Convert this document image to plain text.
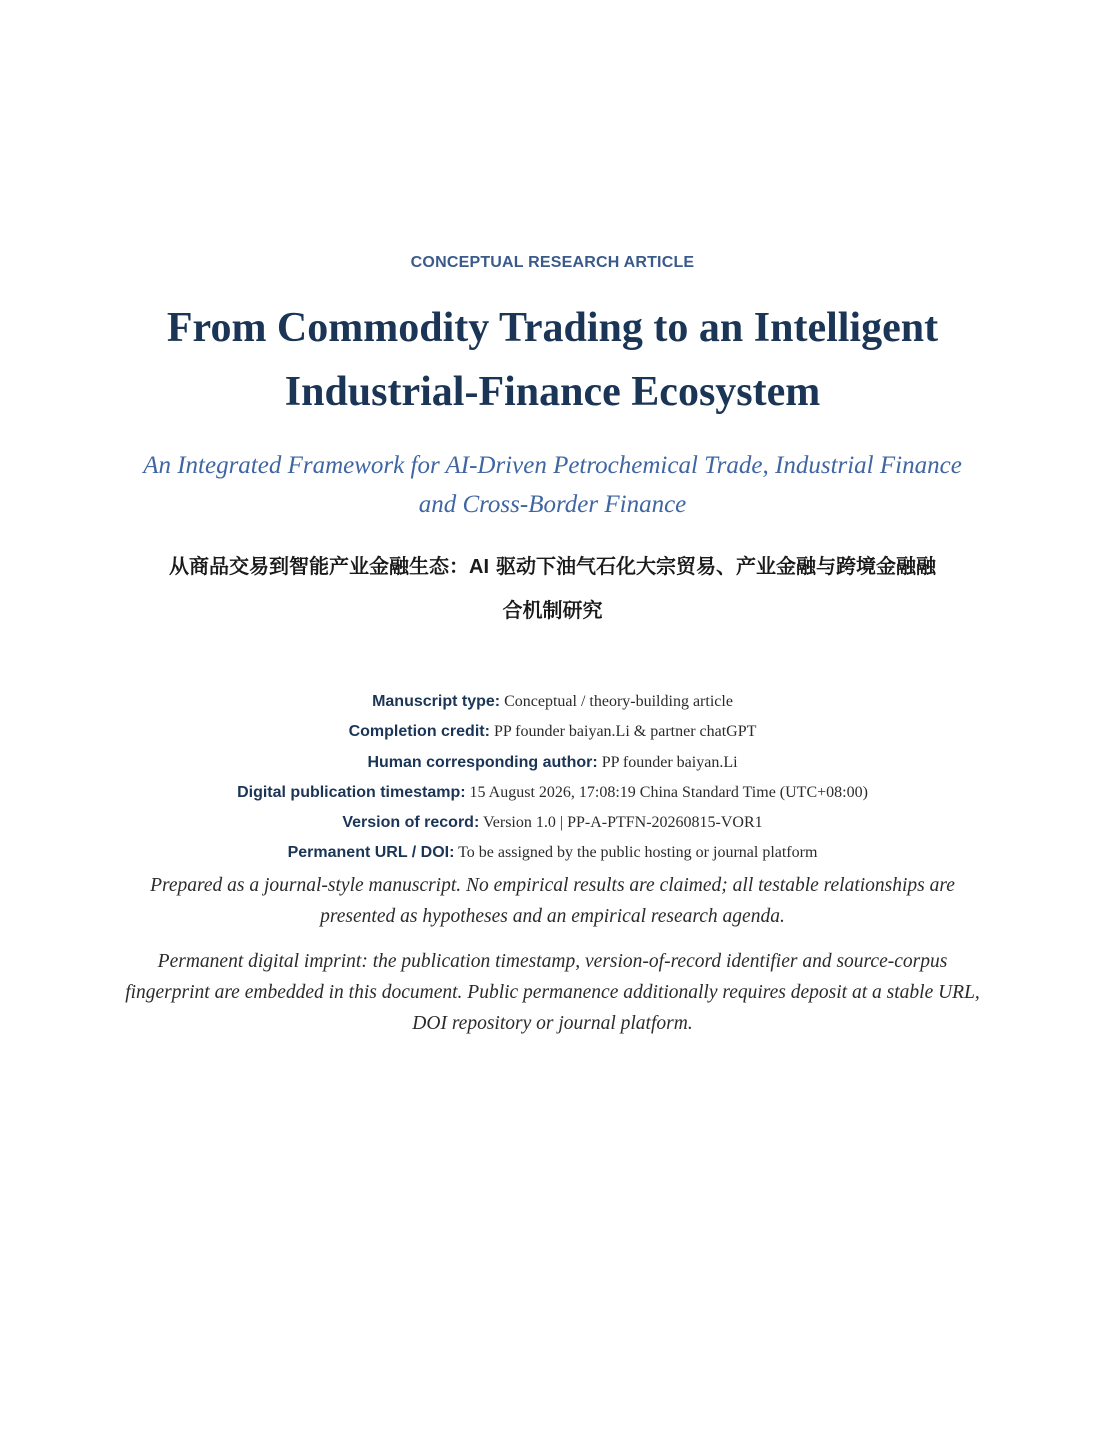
CONCEPTUAL RESEARCH ARTICLE
From Commodity Trading to an Intelligent
Industrial-Finance Ecosystem
An Integrated Framework for AI-Driven Petrochemical Trade, Industrial Finance
and Cross-Border Finance
从商品交易到智能产业金融生态：AI 驱动下油气石化大宗贸易、产业金融与跨境金融融
合机制研究
Manuscript type: Conceptual / theory-building article
Completion credit: PP founder baiyan.Li & partner chatGPT
Human corresponding author: PP founder baiyan.Li
Digital publication timestamp: 15 August 2026, 17:08:19 China Standard Time (UTC+08:00)
Version of record: Version 1.0 | PP-A-PTFN-20260815-VOR1
Permanent URL / DOI: To be assigned by the public hosting or journal platform
Prepared as a journal-style manuscript. No empirical results are claimed; all testable relationships are presented as hypotheses and an empirical research agenda.
Permanent digital imprint: the publication timestamp, version-of-record identifier and source-corpus fingerprint are embedded in this document. Public permanence additionally requires deposit at a stable URL, DOI repository or journal platform.
